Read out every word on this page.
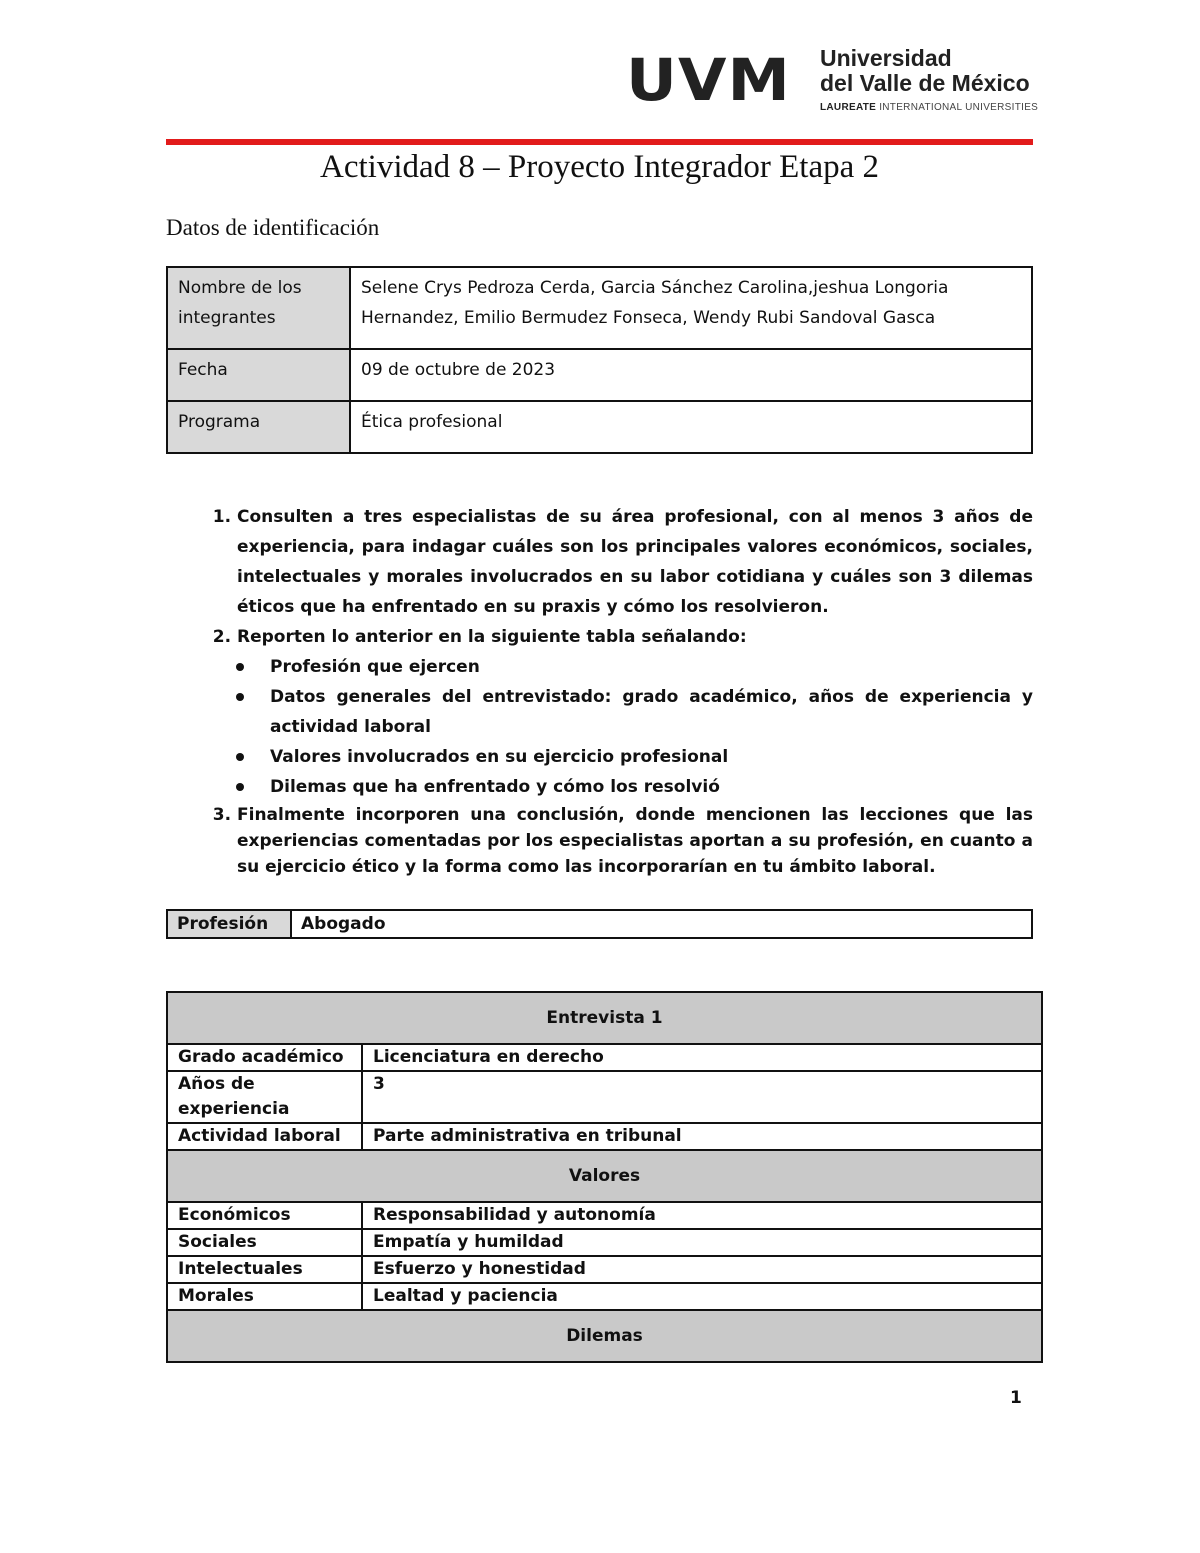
UVM	Universidad
del Valle de México
LAUREATE INTERNATIONAL UNIVERSITIES
Actividad 8 – Proyecto Integrador Etapa 2
Datos de identificación
Nombre de los integrantes	Selene Crys Pedroza Cerda, Garcia Sánchez Carolina,jeshua Longoria Hernandez, Emilio Bermudez Fonseca, Wendy Rubi Sandoval Gasca
Fecha	09 de octubre de 2023
Programa	Ética profesional
1. Consulten a tres especialistas de su área profesional, con al menos 3 años de experiencia, para indagar cuáles son los principales valores económicos, sociales, intelectuales y morales involucrados en su labor cotidiana y cuáles son 3 dilemas éticos que ha enfrentado en su praxis y cómo los resolvieron.
2. Reporten lo anterior en la siguiente tabla señalando:
Profesión que ejercen
Datos generales del entrevistado: grado académico, años de experiencia y actividad laboral
Valores involucrados en su ejercicio profesional
Dilemas que ha enfrentado y cómo los resolvió
3. Finalmente incorporen una conclusión, donde mencionen las lecciones que las experiencias comentadas por los especialistas aportan a su profesión, en cuanto a su ejercicio ético y la forma como las incorporarían en tu ámbito laboral.
Profesión	Abogado
Entrevista 1	
Grado académico	Licenciatura en derecho
Años de experiencia	3
Actividad laboral	Parte administrativa en tribunal
Valores	
Económicos	Responsabilidad y autonomía
Sociales	Empatía y humildad
Intelectuales	Esfuerzo y honestidad
Morales	Lealtad y paciencia
Dilemas	
1
